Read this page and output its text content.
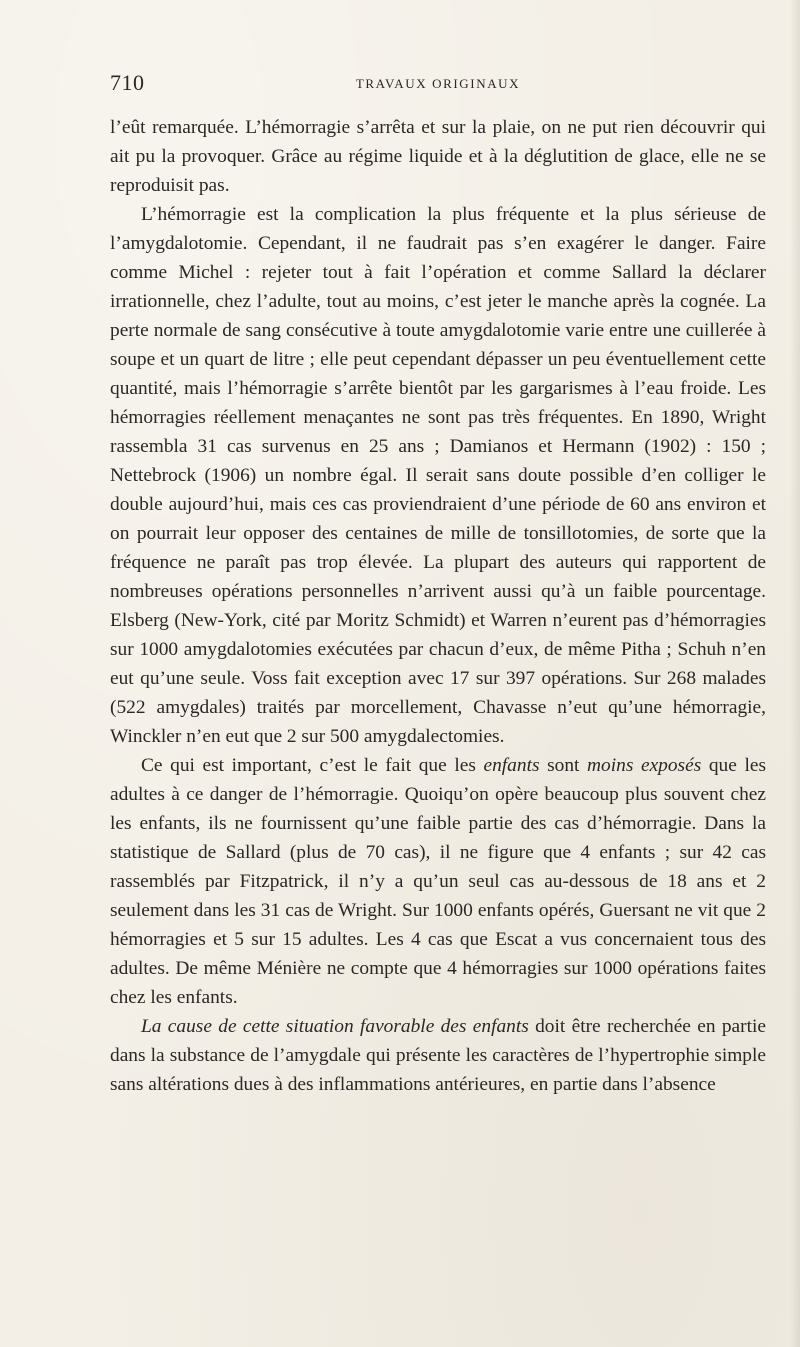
710	TRAVAUX ORIGINAUX

l’eût remarquée. L’hémorragie s’arrêta et sur la plaie, on ne put rien découvrir qui ait pu la provoquer. Grâce au régime liquide et à la déglutition de glace, elle ne se reproduisit pas.

L’hémorragie est la complication la plus fréquente et la plus sérieuse de l’amygdalotomie. Cependant, il ne faudrait pas s’en exagérer le danger. Faire comme Michel : rejeter tout à fait l’opération et comme Sallard la déclarer irrationnelle, chez l’adulte, tout au moins, c’est jeter le manche après la cognée. La perte normale de sang consécutive à toute amygdalotomie varie entre une cuillerée à soupe et un quart de litre ; elle peut cependant dépasser un peu éventuellement cette quantité, mais l’hémorragie s’arrête bientôt par les gargarismes à l’eau froide. Les hémorragies réellement menaçantes ne sont pas très fréquentes. En 1890, Wright rassembla 31 cas survenus en 25 ans ; Damianos et Hermann (1902) : 150 ; Nettebrock (1906) un nombre égal. Il serait sans doute possible d’en colliger le double aujourd’hui, mais ces cas proviendraient d’une période de 60 ans environ et on pourrait leur opposer des centaines de mille de tonsillotomies, de sorte que la fréquence ne paraît pas trop élevée. La plupart des auteurs qui rapportent de nombreuses opérations personnelles n’arrivent aussi qu’à un faible pourcentage. Elsberg (New-York, cité par Moritz Schmidt) et Warren n’eurent pas d’hémorragies sur 1000 amygdalotomies exécutées par chacun d’eux, de même Pitha ; Schuh n’en eut qu’une seule. Voss fait exception avec 17 sur 397 opérations. Sur 268 malades (522 amygdales) traités par morcellement, Chavasse n’eut qu’une hémorragie, Winckler n’en eut que 2 sur 500 amygdalectomies.

Ce qui est important, c’est le fait que les enfants sont moins exposés que les adultes à ce danger de l’hémorragie. Quoiqu’on opère beaucoup plus souvent chez les enfants, ils ne fournissent qu’une faible partie des cas d’hémorragie. Dans la statistique de Sallard (plus de 70 cas), il ne figure que 4 enfants ; sur 42 cas rassemblés par Fitzpatrick, il n’y a qu’un seul cas au-dessous de 18 ans et 2 seulement dans les 31 cas de Wright. Sur 1000 enfants opérés, Guersant ne vit que 2 hémorragies et 5 sur 15 adultes. Les 4 cas que Escat a vus concernaient tous des adultes. De même Ménière ne compte que 4 hémorragies sur 1000 opérations faites chez les enfants.

La cause de cette situation favorable des enfants doit être recherchée en partie dans la substance de l’amygdale qui présente les caractères de l’hypertrophie simple sans altérations dues à des inflammations antérieures, en partie dans l’absence
